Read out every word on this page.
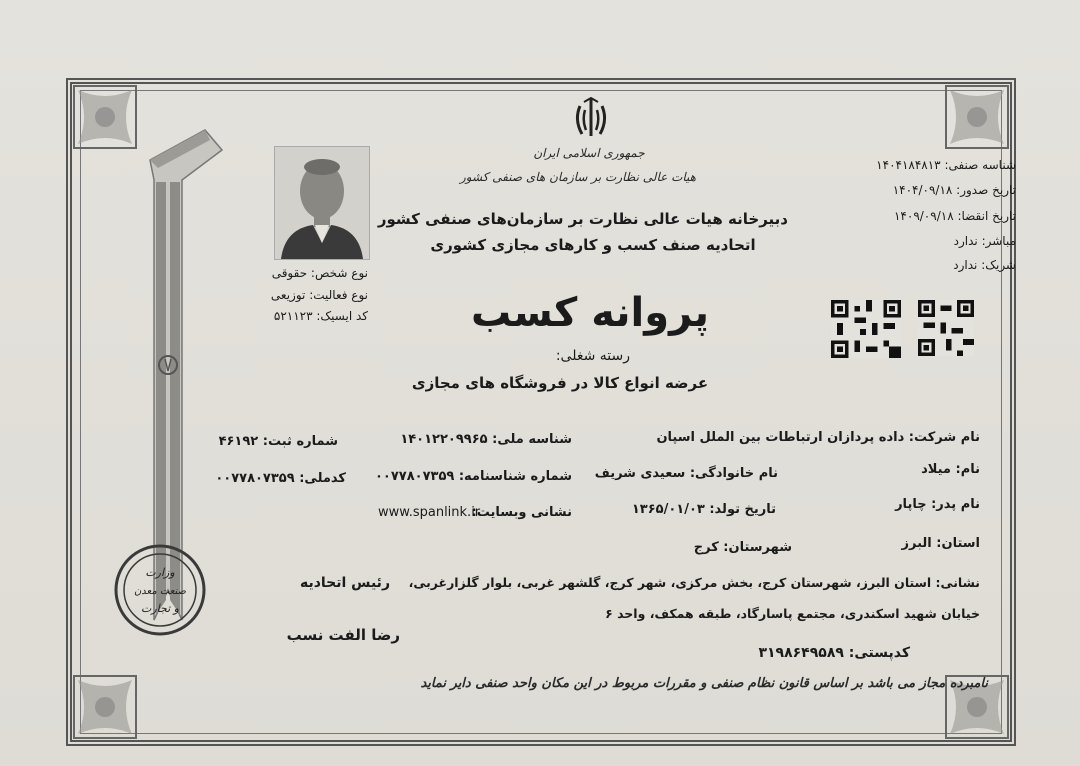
جمهوری اسلامی ایران
هیات عالی نظارت بر سازمان های صنفی کشور
دبیرخانه هیات عالی نظارت بر سازمان‌های صنفی کشور
اتحادیه صنف کسب و کارهای مجازی کشوری
پروانه کسب
رسته شغلی:
عرضه انواع کالا در فروشگاه های مجازی
شناسه صنفی: ۱۴۰۴۱۸۴۸۱۳
تاریخ صدور: ۱۴۰۴/۰۹/۱۸
تاریخ انقضا: ۱۴۰۹/۰۹/۱۸
مباشر: ندارد
شریک: ندارد
نوع شخص: حقوقی
نوع فعالیت: توزیعی
کد ایسیک: ۵۲۱۱۲۳
نام شرکت: داده پردازان ارتباطات بین الملل اسپان
شناسه ملی: ۱۴۰۱۲۲۰۹۹۶۵
شماره ثبت: ۴۶۱۹۲
نام: میلاد
نام خانوادگی: سعیدی شریف
شماره شناسنامه: ۰۰۷۷۸۰۷۳۵۹
کدملی: ۰۰۷۷۸۰۷۳۵۹
نام پدر: چاپار
تاریخ تولد: ۱۳۶۵/۰۱/۰۳
نشانی وبسایت:
www.spanlink.ir
استان: البرز
شهرستان: کرج
نشانی: استان البرز، شهرستان کرج، بخش مرکزی، شهر کرج، گلشهر غربی، بلوار گلزارغربی،
خیابان شهید اسکندری، مجتمع پاسارگاد، طبقه همکف، واحد ۶
کدپستی: ۳۱۹۸۶۴۹۵۸۹
نامبرده مجاز می باشد بر اساس قانون نظام صنفی و مقررات مربوط در این مکان واحد صنفی دایر نماید
رئیس اتحادیه
رضا الفت نسب
وزارت
صنعت معدن
و تجارت
